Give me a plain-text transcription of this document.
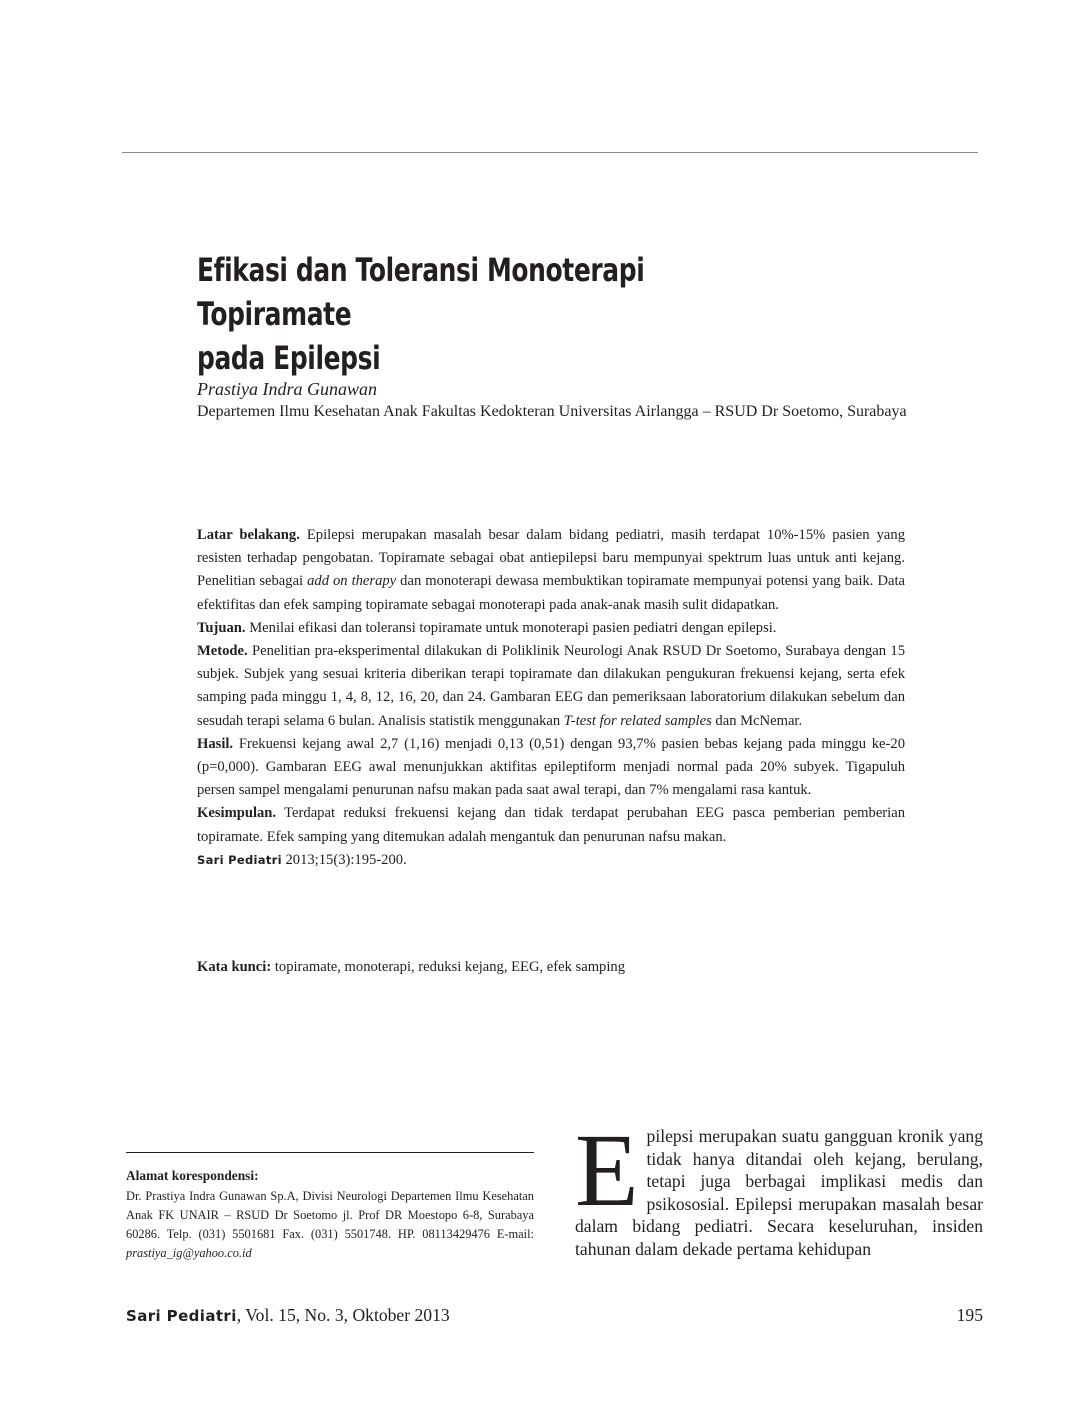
Efikasi dan Toleransi Monoterapi Topiramate
pada Epilepsi
Prastiya Indra Gunawan
Departemen Ilmu Kesehatan Anak Fakultas Kedokteran Universitas Airlangga – RSUD Dr Soetomo, Surabaya

Latar belakang. Epilepsi merupakan masalah besar dalam bidang pediatri, masih terdapat 10%-15% pasien yang resisten terhadap pengobatan. Topiramate sebagai obat antiepilepsi baru mempunyai spektrum luas untuk anti kejang. Penelitian sebagai add on therapy dan monoterapi dewasa membuktikan topiramate mempunyai potensi yang baik. Data efektifitas dan efek samping topiramate sebagai monoterapi pada anak-anak masih sulit didapatkan.

Tujuan. Menilai efikasi dan toleransi topiramate untuk monoterapi pasien pediatri dengan epilepsi.

Metode. Penelitian pra-eksperimental dilakukan di Poliklinik Neurologi Anak RSUD Dr Soetomo, Surabaya dengan 15 subjek. Subjek yang sesuai kriteria diberikan terapi topiramate dan dilakukan pengukuran frekuensi kejang, serta efek samping pada minggu 1, 4, 8, 12, 16, 20, dan 24. Gambaran EEG dan pemeriksaan laboratorium dilakukan sebelum dan sesudah terapi selama 6 bulan. Analisis statistik menggunakan T-test for related samples dan McNemar.

Hasil. Frekuensi kejang awal 2,7 (1,16) menjadi 0,13 (0,51) dengan 93,7% pasien bebas kejang pada minggu ke-20 (p=0,000). Gambaran EEG awal menunjukkan aktifitas epileptiform menjadi normal pada 20% subyek. Tigapuluh persen sampel mengalami penurunan nafsu makan pada saat awal terapi, dan 7% mengalami rasa kantuk.

Kesimpulan. Terdapat reduksi frekuensi kejang dan tidak terdapat perubahan EEG pasca pemberian pemberian topiramate. Efek samping yang ditemukan adalah mengantuk dan penurunan nafsu makan.

Sari Pediatri 2013;15(3):195-200.

Kata kunci: topiramate, monoterapi, reduksi kejang, EEG, efek samping
Alamat korespondensi:
Dr. Prastiya Indra Gunawan Sp.A, Divisi Neurologi Departemen Ilmu Kesehatan Anak FK UNAIR – RSUD Dr Soetomo jl. Prof DR Moestopo 6-8, Surabaya 60286. Telp. (031) 5501681 Fax. (031) 5501748. HP. 08113429476 E-mail: prastiya_ig@yahoo.co.id
Epilepsi merupakan suatu gangguan kronik yang tidak hanya ditandai oleh kejang, berulang, tetapi juga berbagai implikasi medis dan psikososial. Epilepsi merupakan masalah besar dalam bidang pediatri. Secara keseluruhan, insiden tahunan dalam dekade pertama kehidupan
Sari Pediatri, Vol. 15, No. 3, Oktober 2013	195
